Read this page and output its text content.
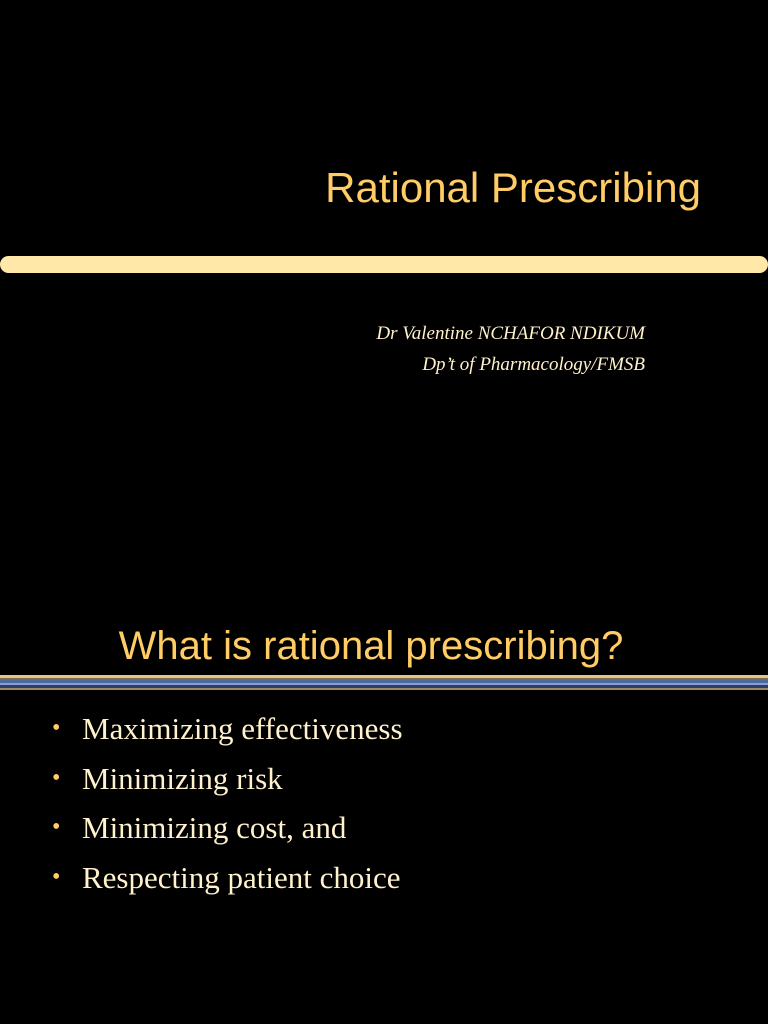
Rational Prescribing
Dr Valentine NCHAFOR NDIKUM
Dp’t of Pharmacology/FMSB
What is rational prescribing?
• Maximizing effectiveness
• Minimizing risk
• Minimizing cost, and
• Respecting patient choice
